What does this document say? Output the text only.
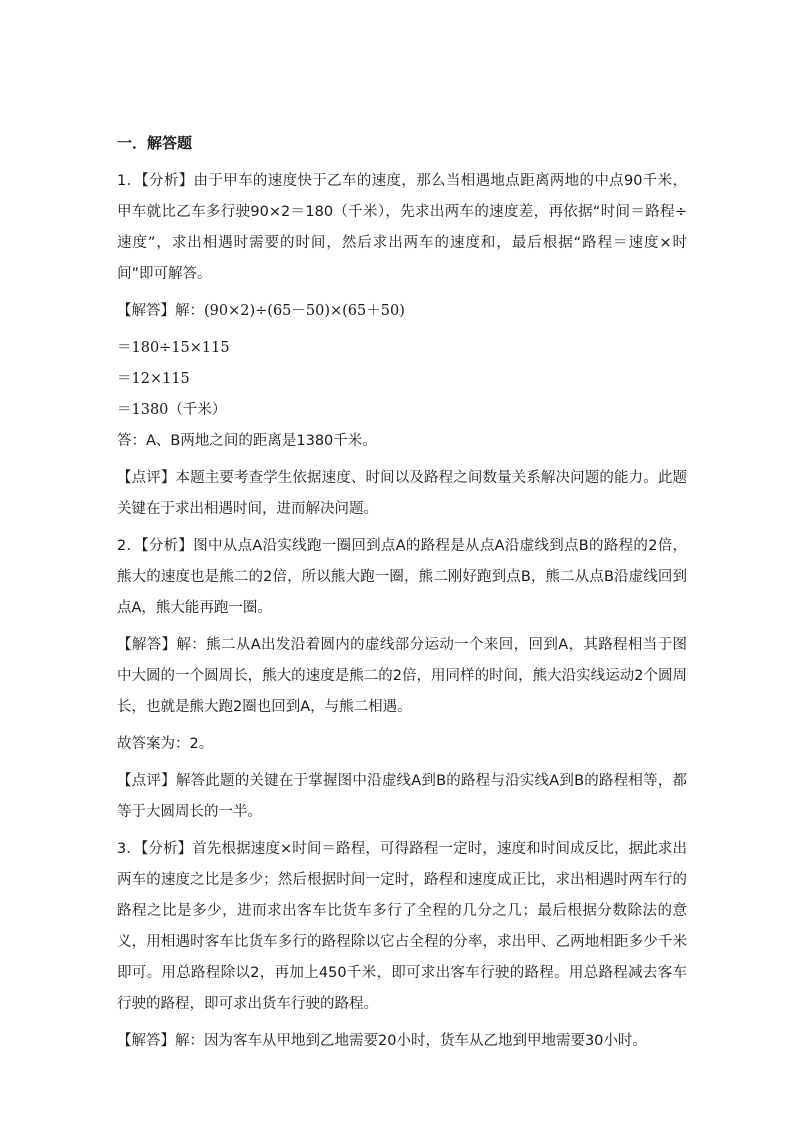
一．解答题

1．【分析】由于甲车的速度快于乙车的速度，那么当相遇地点距离两地的中点90千米，甲车就比乙车多行驶90×2＝180（千米），先求出两车的速度差，再依据“时间＝路程÷速度”，求出相遇时需要的时间，然后求出两车的速度和，最后根据“路程＝速度×时间”即可解答。

【解答】解：(90×2)÷(65－50)×(65＋50)

＝180÷15×115

＝12×115

＝1380（千米）

答：A、B两地之间的距离是1380千米。

【点评】本题主要考查学生依据速度、时间以及路程之间数量关系解决问题的能力。此题关键在于求出相遇时间，进而解决问题。

2．【分析】图中从点A沿实线跑一圈回到点A的路程是从点A沿虚线到点B的路程的2倍，熊大的速度也是熊二的2倍，所以熊大跑一圈，熊二刚好跑到点B，熊二从点B沿虚线回到点A，熊大能再跑一圈。

【解答】解：熊二从A出发沿着圆内的虚线部分运动一个来回，回到A，其路程相当于图中大圆的一个圆周长，熊大的速度是熊二的2倍，用同样的时间，熊大沿实线运动2个圆周长，也就是熊大跑2圈也回到A，与熊二相遇。

故答案为：2。

【点评】解答此题的关键在于掌握图中沿虚线A到B的路程与沿实线A到B的路程相等，都等于大圆周长的一半。

3．【分析】首先根据速度×时间＝路程，可得路程一定时，速度和时间成反比，据此求出两车的速度之比是多少；然后根据时间一定时，路程和速度成正比，求出相遇时两车行的路程之比是多少，进而求出客车比货车多行了全程的几分之几；最后根据分数除法的意义，用相遇时客车比货车多行的路程除以它占全程的分率，求出甲、乙两地相距多少千米即可。用总路程除以2，再加上450千米，即可求出客车行驶的路程。用总路程减去客车行驶的路程，即可求出货车行驶的路程。

【解答】解：因为客车从甲地到乙地需要20小时，货车从乙地到甲地需要30小时。
